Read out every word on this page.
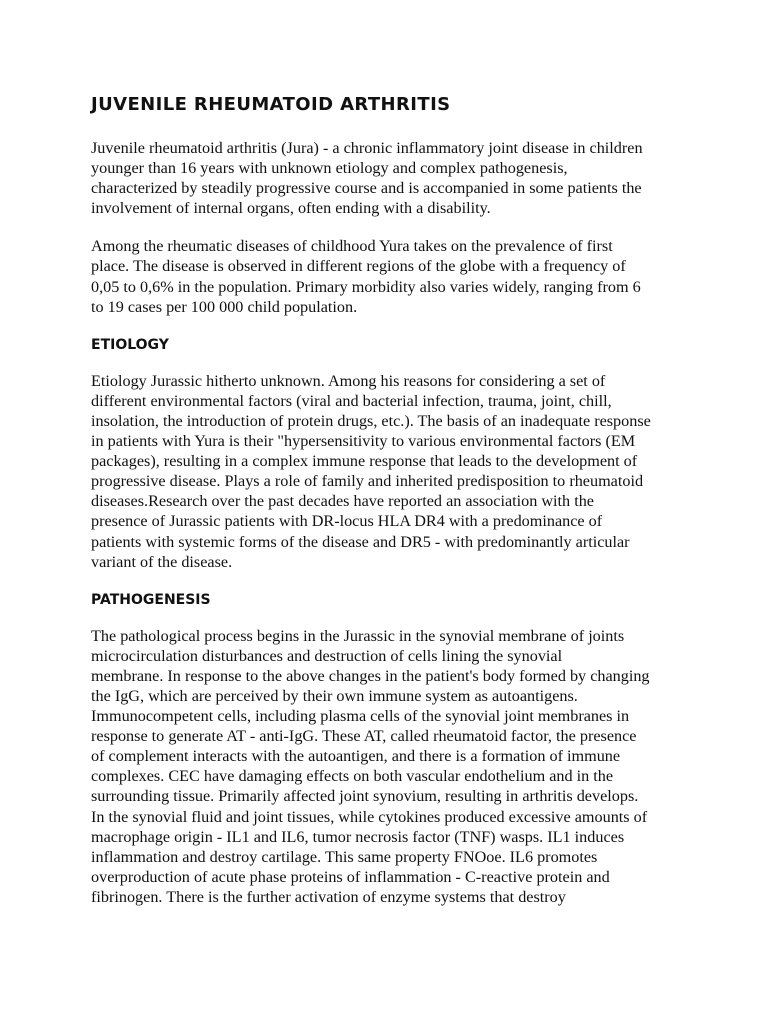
JUVENILE RHEUMATOID ARTHRITIS

Juvenile rheumatoid arthritis (Jura) - a chronic inflammatory joint disease in children
younger than 16 years with unknown etiology and complex pathogenesis,
characterized by steadily progressive course and is accompanied in some patients the
involvement of internal organs, often ending with a disability.

Among the rheumatic diseases of childhood Yura takes on the prevalence of first
place. The disease is observed in different regions of the globe with a frequency of
0,05 to 0,6% in the population. Primary morbidity also varies widely, ranging from 6
to 19 cases per 100 000 child population.

ETIOLOGY

Etiology Jurassic hitherto unknown. Among his reasons for considering a set of
different environmental factors (viral and bacterial infection, trauma, joint, chill,
insolation, the introduction of protein drugs, etc.). The basis of an inadequate response
in patients with Yura is their "hypersensitivity to various environmental factors (EM
packages), resulting in a complex immune response that leads to the development of
progressive disease. Plays a role of family and inherited predisposition to rheumatoid
diseases.Research over the past decades have reported an association with the
presence of Jurassic patients with DR-locus HLA DR4 with a predominance of
patients with systemic forms of the disease and DR5 - with predominantly articular
variant of the disease.

PATHOGENESIS

The pathological process begins in the Jurassic in the synovial membrane of joints
microcirculation disturbances and destruction of cells lining the synovial
membrane. In response to the above changes in the patient's body formed by changing
the IgG, which are perceived by their own immune system as autoantigens.
Immunocompetent cells, including plasma cells of the synovial joint membranes in
response to generate AT - anti-IgG. These AT, called rheumatoid factor, the presence
of complement interacts with the autoantigen, and there is a formation of immune
complexes. CEC have damaging effects on both vascular endothelium and in the
surrounding tissue. Primarily affected joint synovium, resulting in arthritis develops.
In the synovial fluid and joint tissues, while cytokines produced excessive amounts of
macrophage origin - IL1 and IL6, tumor necrosis factor (TNF) wasps. IL1 induces
inflammation and destroy cartilage. This same property FNOoe. IL6 promotes
overproduction of acute phase proteins of inflammation - C-reactive protein and
fibrinogen. There is the further activation of enzyme systems that destroy
